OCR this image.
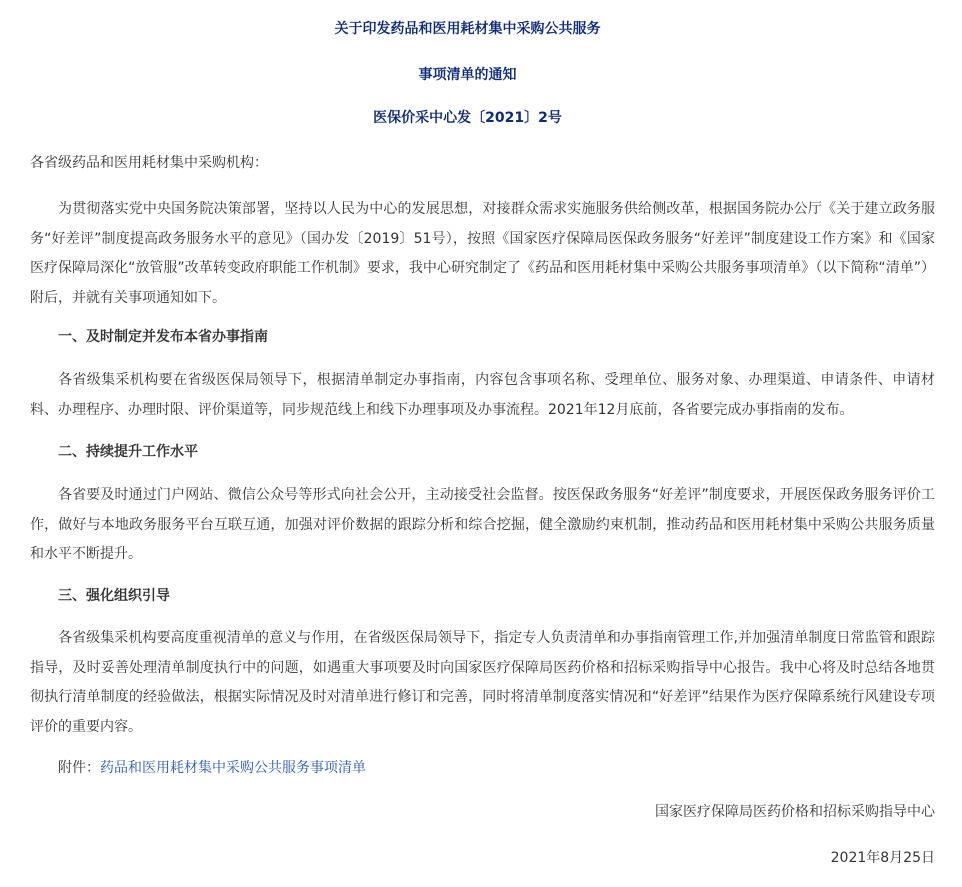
关于印发药品和医用耗材集中采购公共服务
事项清单的通知
医保价采中心发〔2021〕2号
各省级药品和医用耗材集中采购机构：
为贯彻落实党中央国务院决策部署，坚持以人民为中心的发展思想，对接群众需求实施服务供给侧改革，根据国务院办公厅《关于建立政务服务“好差评”制度提高政务服务水平的意见》（国办发〔2019〕51号），按照《国家医疗保障局医保政务服务“好差评”制度建设工作方案》和《国家医疗保障局深化“放管服”改革转变政府职能工作机制》要求，我中心研究制定了《药品和医用耗材集中采购公共服务事项清单》（以下简称“清单”）附后，并就有关事项通知如下。
一、及时制定并发布本省办事指南
各省级集采机构要在省级医保局领导下，根据清单制定办事指南，内容包含事项名称、受理单位、服务对象、办理渠道、申请条件、申请材料、办理程序、办理时限、评价渠道等，同步规范线上和线下办理事项及办事流程。2021年12月底前，各省要完成办事指南的发布。
二、持续提升工作水平
各省要及时通过门户网站、微信公众号等形式向社会公开，主动接受社会监督。按医保政务服务“好差评”制度要求，开展医保政务服务评价工作，做好与本地政务服务平台互联互通，加强对评价数据的跟踪分析和综合挖掘，健全激励约束机制，推动药品和医用耗材集中采购公共服务质量和水平不断提升。
三、强化组织引导
各省级集采机构要高度重视清单的意义与作用，在省级医保局领导下，指定专人负责清单和办事指南管理工作,并加强清单制度日常监管和跟踪指导，及时妥善处理清单制度执行中的问题，如遇重大事项要及时向国家医疗保障局医药价格和招标采购指导中心报告。我中心将及时总结各地贯彻执行清单制度的经验做法，根据实际情况及时对清单进行修订和完善，同时将清单制度落实情况和“好差评”结果作为医疗保障系统行风建设专项评价的重要内容。
附件：药品和医用耗材集中采购公共服务事项清单
国家医疗保障局医药价格和招标采购指导中心
2021年8月25日
